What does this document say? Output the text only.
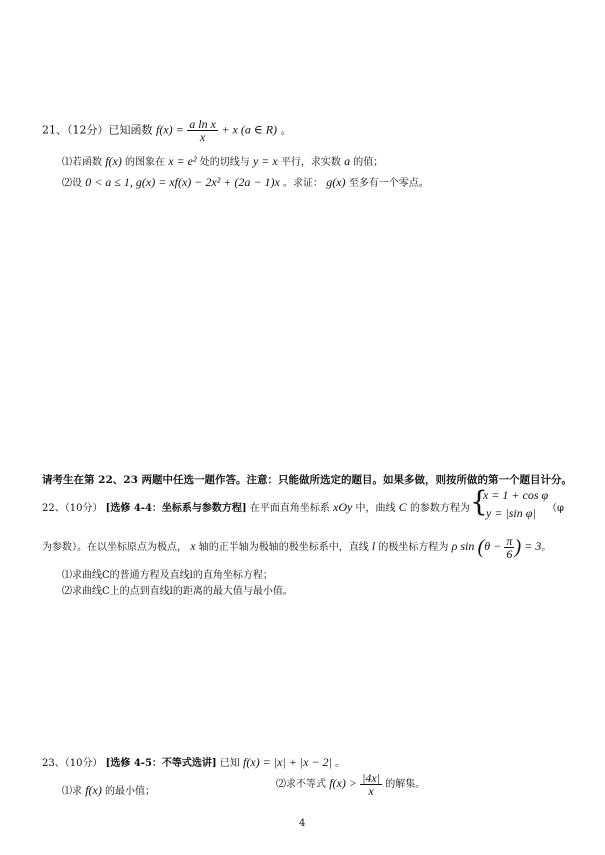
21、（12分）已知函数 $f(x) = \frac{\text{a ln x}}{x} + x$ (a ∈ R) 。
⑴若函数 f(x) 的图象在 x = e² 处的切线与 y = x 平行，求实数 a 的值；
⑵设 0 < a ≤ 1, g(x) = xf(x) − 2x² + (2a − 1)x 。求证： g(x) 至多有一个零点。
请考生在第 22、23 两题中任选一题作答。注意：只能做所选定的题目。如果多做，则按所做的第一个题目计分。
22、（10分） [选修 4-4：坐标系与参数方程] 在平面直角坐标系 xOy 中，曲线 C 的参数方程为 {
x = 1 + cos φ
y = |sin φ| （φ
为参数）。在以坐标原点为极点， x 轴的正半轴为极轴的极坐标系中，直线 l 的极坐标方程为 ρ $\sin (\theta - \frac{\pi}{6}$ ) = 3。
⑴求曲线C的普通方程及直线l的直角坐标方程；
⑵求曲线C上的点到直线l的距离的最大值与最小值。
23、（10分） [选修 4-5：不等式选讲] 已知 f(x) = |x| + |x − 2| 。
⑴求 f(x) 的最小值；
⑵求不等式 $f(x) > \frac{|4x|}{x}$ 的解集。
4
